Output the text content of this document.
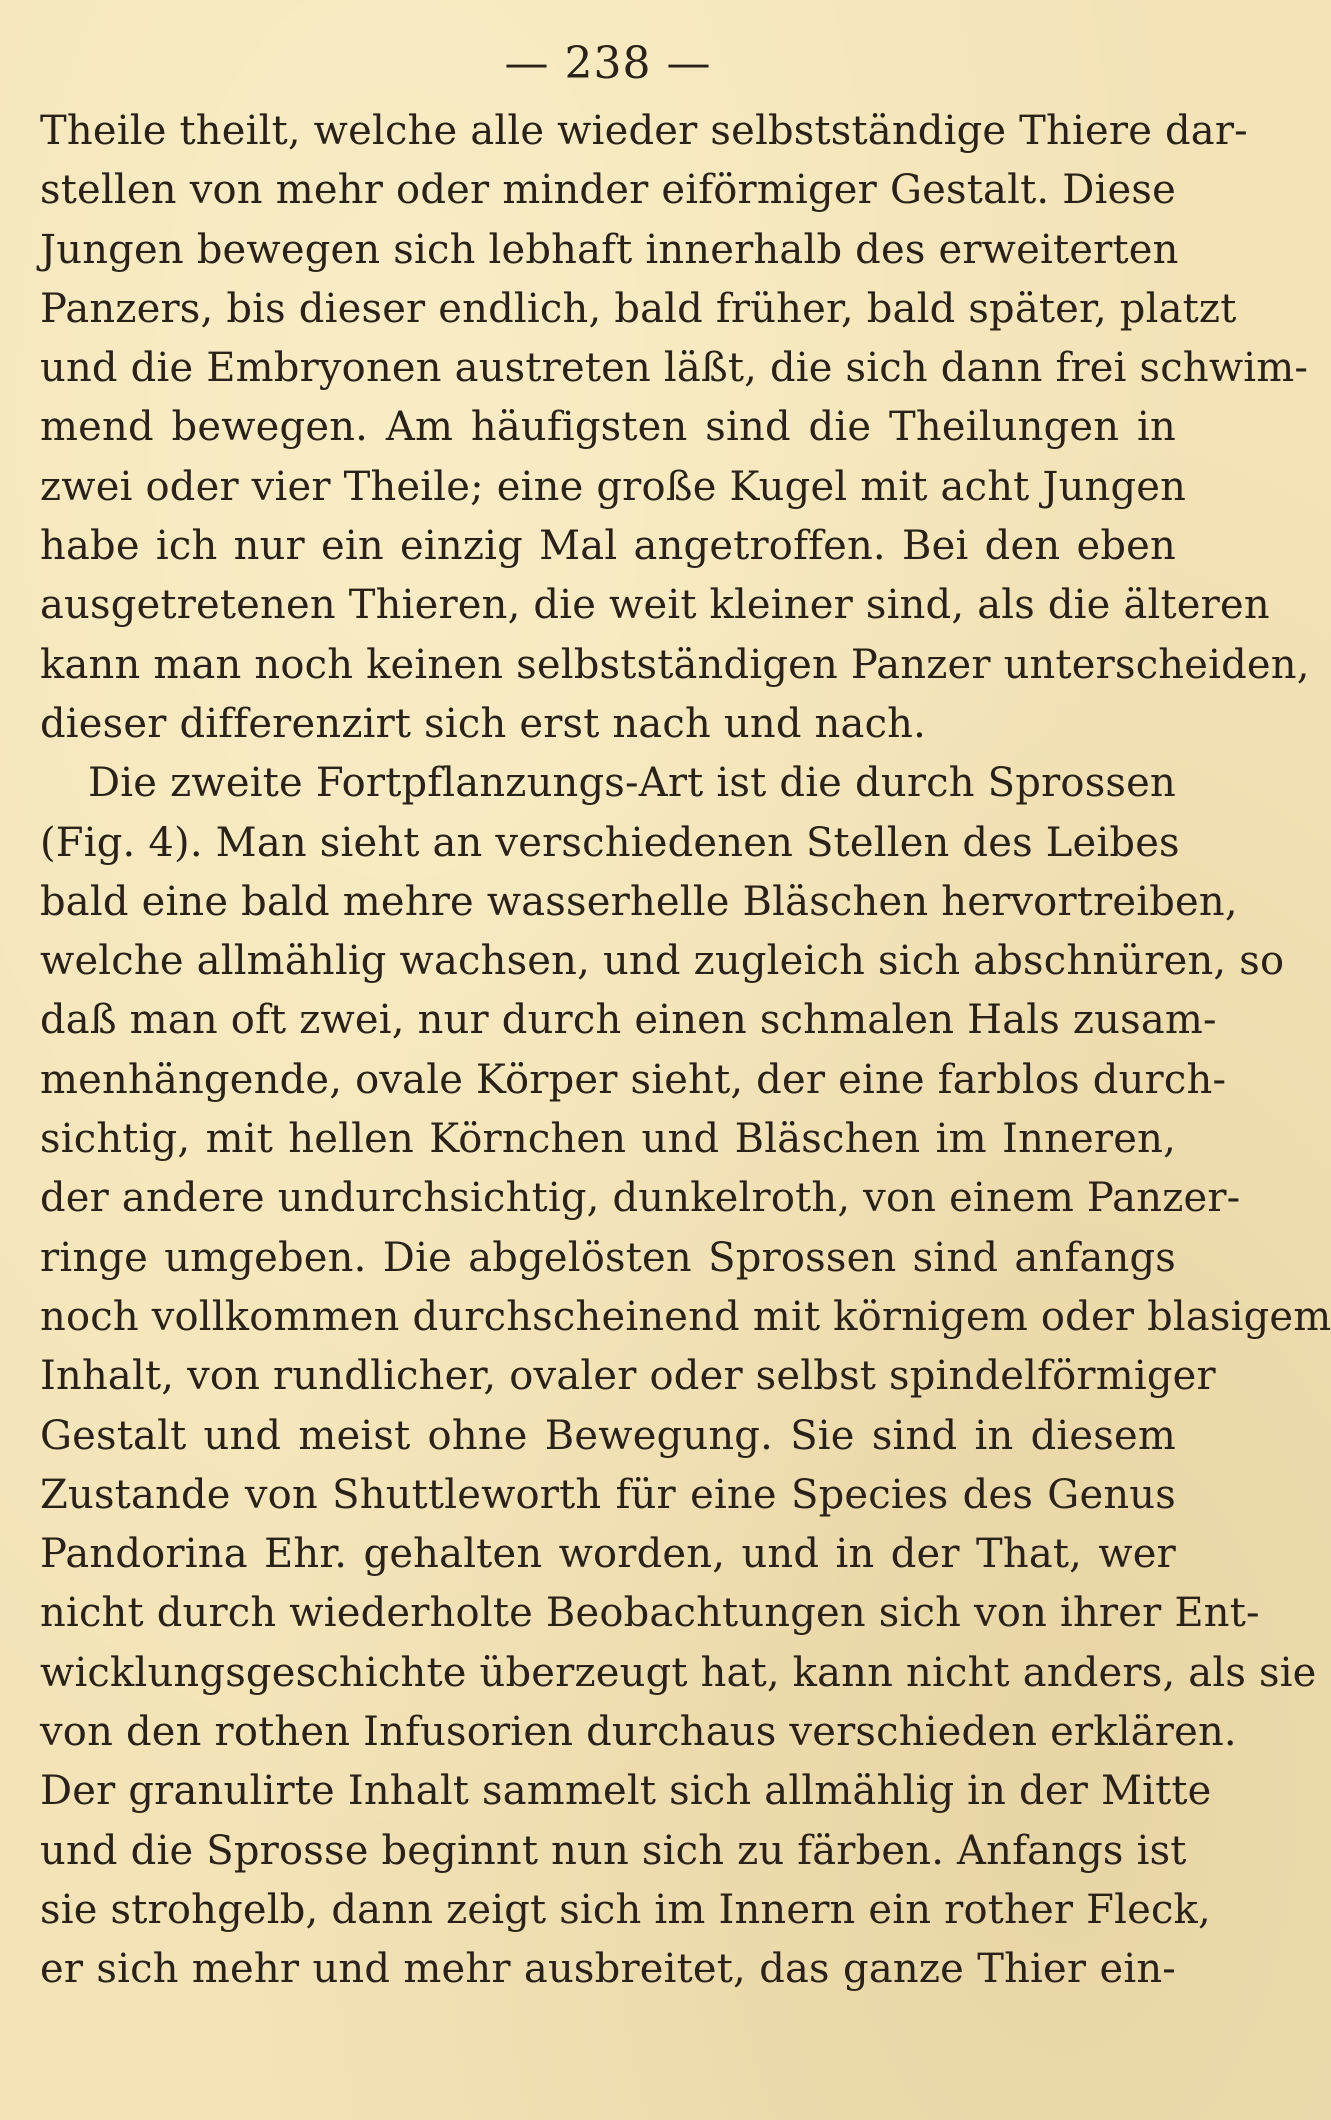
— 238 —
Theile theilt, welche alle wieder selbstständige Thiere dar-
stellen von mehr oder minder eiförmiger Gestalt. Diese
Jungen bewegen sich lebhaft innerhalb des erweiterten
Panzers, bis dieser endlich, bald früher, bald später, platzt
und die Embryonen austreten läßt, die sich dann frei schwim-
mend bewegen. Am häufigsten sind die Theilungen in
zwei oder vier Theile; eine große Kugel mit acht Jungen
habe ich nur ein einzig Mal angetroffen. Bei den eben
ausgetretenen Thieren, die weit kleiner sind, als die älteren
kann man noch keinen selbstständigen Panzer unterscheiden,
dieser differenzirt sich erst nach und nach.
Die zweite Fortpflanzungs-Art ist die durch Sprossen
(Fig. 4). Man sieht an verschiedenen Stellen des Leibes
bald eine bald mehre wasserhelle Bläschen hervortreiben,
welche allmählig wachsen, und zugleich sich abschnüren, so
daß man oft zwei, nur durch einen schmalen Hals zusam-
menhängende, ovale Körper sieht, der eine farblos durch-
sichtig, mit hellen Körnchen und Bläschen im Inneren,
der andere undurchsichtig, dunkelroth, von einem Panzer-
ringe umgeben. Die abgelösten Sprossen sind anfangs
noch vollkommen durchscheinend mit körnigem oder blasigem
Inhalt, von rundlicher, ovaler oder selbst spindelförmiger
Gestalt und meist ohne Bewegung. Sie sind in diesem
Zustande von Shuttleworth für eine Species des Genus
Pandorina Ehr. gehalten worden, und in der That, wer
nicht durch wiederholte Beobachtungen sich von ihrer Ent-
wicklungsgeschichte überzeugt hat, kann nicht anders, als sie
von den rothen Infusorien durchaus verschieden erklären.
Der granulirte Inhalt sammelt sich allmählig in der Mitte
und die Sprosse beginnt nun sich zu färben. Anfangs ist
sie strohgelb, dann zeigt sich im Innern ein rother Fleck,
er sich mehr und mehr ausbreitet, das ganze Thier ein-
